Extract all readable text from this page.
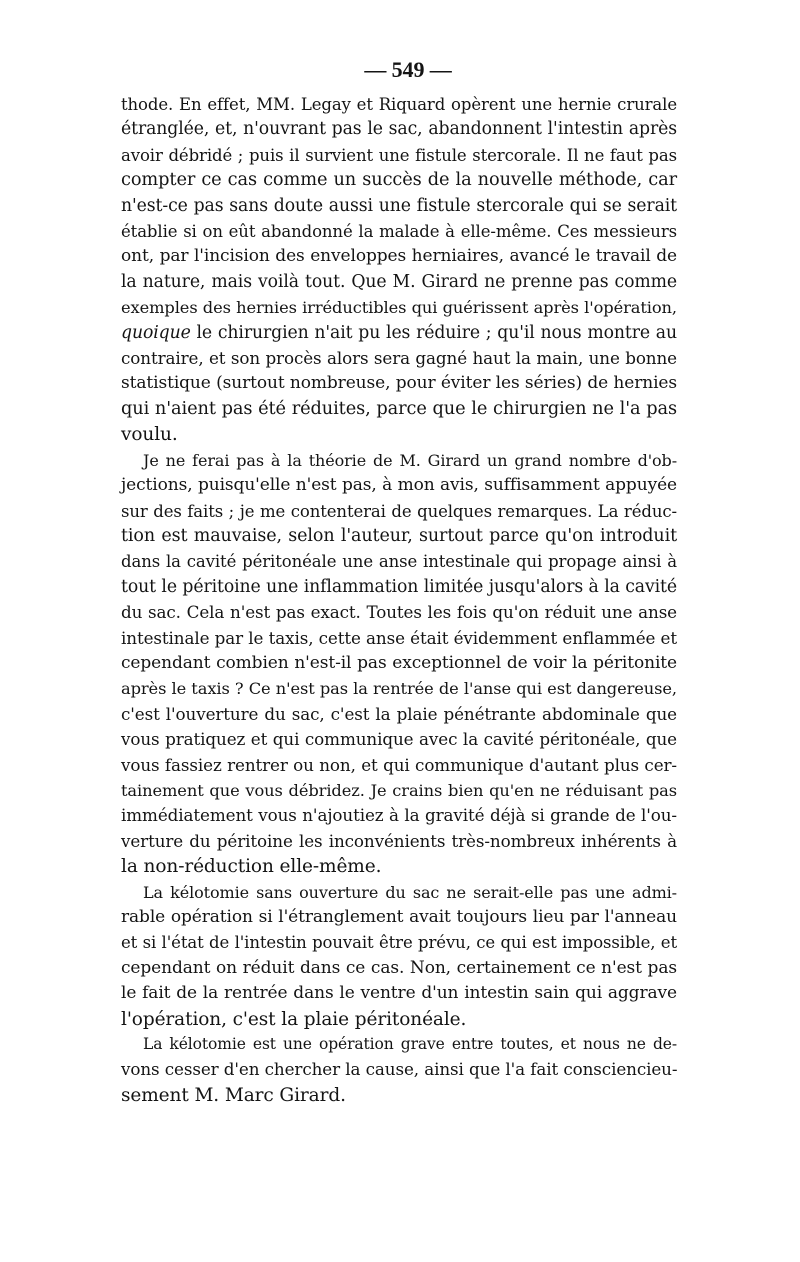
— 549 —
thode. En effet, MM. Legay et Riquard opèrent une hernie crurale
étranglée, et, n'ouvrant pas le sac, abandonnent l'intestin après
avoir débridé ; puis il survient une fistule stercorale. Il ne faut pas
compter ce cas comme un succès de la nouvelle méthode, car
n'est-ce pas sans doute aussi une fistule stercorale qui se serait
établie si on eût abandonné la malade à elle-même. Ces messieurs
ont, par l'incision des enveloppes herniaires, avancé le travail de
la nature, mais voilà tout. Que M. Girard ne prenne pas comme
exemples des hernies irréductibles qui guérissent après l'opération,
quoique le chirurgien n'ait pu les réduire ; qu'il nous montre au
contraire, et son procès alors sera gagné haut la main, une bonne
statistique (surtout nombreuse, pour éviter les séries) de hernies
qui n'aient pas été réduites, parce que le chirurgien ne l'a pas
voulu.
Je ne ferai pas à la théorie de M. Girard un grand nombre d'ob-
jections, puisqu'elle n'est pas, à mon avis, suffisamment appuyée
sur des faits ; je me contenterai de quelques remarques. La réduc-
tion est mauvaise, selon l'auteur, surtout parce qu'on introduit
dans la cavité péritonéale une anse intestinale qui propage ainsi à
tout le péritoine une inflammation limitée jusqu'alors à la cavité
du sac. Cela n'est pas exact. Toutes les fois qu'on réduit une anse
intestinale par le taxis, cette anse était évidemment enflammée et
cependant combien n'est-il pas exceptionnel de voir la péritonite
après le taxis ? Ce n'est pas la rentrée de l'anse qui est dangereuse,
c'est l'ouverture du sac, c'est la plaie pénétrante abdominale que
vous pratiquez et qui communique avec la cavité péritonéale, que
vous fassiez rentrer ou non, et qui communique d'autant plus cer-
tainement que vous débridez. Je crains bien qu'en ne réduisant pas
immédiatement vous n'ajoutiez à la gravité déjà si grande de l'ou-
verture du péritoine les inconvénients très-nombreux inhérents à
la non-réduction elle-même.
La kélotomie sans ouverture du sac ne serait-elle pas une admi-
rable opération si l'étranglement avait toujours lieu par l'anneau
et si l'état de l'intestin pouvait être prévu, ce qui est impossible, et
cependant on réduit dans ce cas. Non, certainement ce n'est pas
le fait de la rentrée dans le ventre d'un intestin sain qui aggrave
l'opération, c'est la plaie péritonéale.
La kélotomie est une opération grave entre toutes, et nous ne de-
vons cesser d'en chercher la cause, ainsi que l'a fait consciencieu-
sement M. Marc Girard.
